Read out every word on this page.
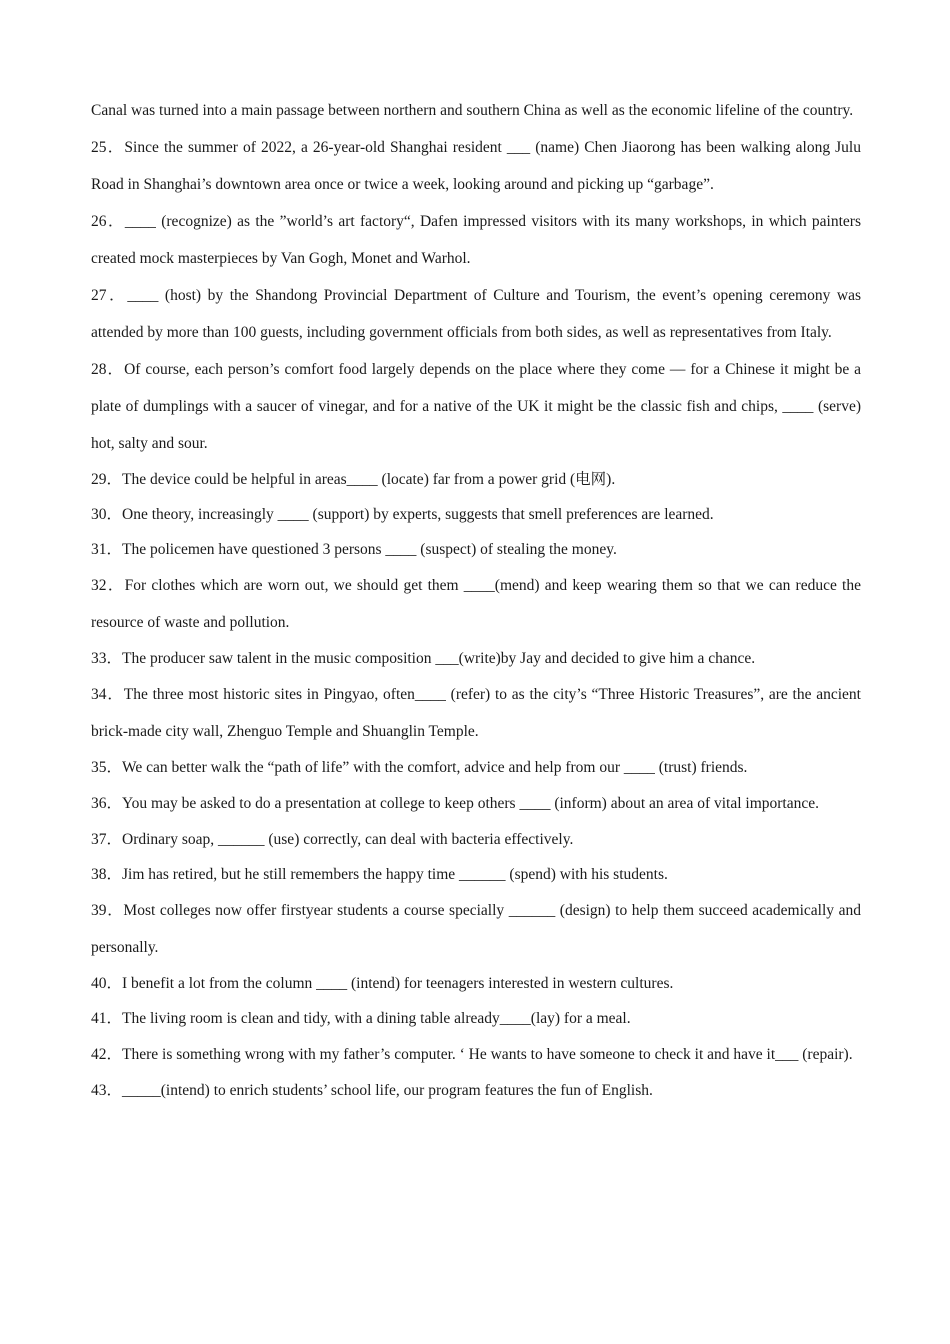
Canal was turned into a main passage between northern and southern China as well as the economic lifeline of the country.

25．Since the summer of 2022, a 26-year-old Shanghai resident ___ (name) Chen Jiaorong has been walking along Julu Road in Shanghai’s downtown area once or twice a week, looking around and picking up “garbage”.

26．____ (recognize) as the ”world’s art factory“, Dafen impressed visitors with its many workshops, in which painters created mock masterpieces by Van Gogh, Monet and Warhol.

27．____ (host) by the Shandong Provincial Department of Culture and Tourism, the event’s opening ceremony was attended by more than 100 guests, including government officials from both sides, as well as representatives from Italy.

28．Of course, each person’s comfort food largely depends on the place where they come — for a Chinese it might be a plate of dumplings with a saucer of vinegar, and for a native of the UK it might be the classic fish and chips, ____ (serve) hot, salty and sour.

29．The device could be helpful in areas____ (locate) far from a power grid (电网).

30．One theory, increasingly ____ (support) by experts, suggests that smell preferences are learned.

31．The policemen have questioned 3 persons ____ (suspect) of stealing the money.

32．For clothes which are worn out, we should get them ____(mend) and keep wearing them so that we can reduce the resource of waste and pollution.

33．The producer saw talent in the music composition ___(write)by Jay and decided to give him a chance.

34．The three most historic sites in Pingyao, often____ (refer) to as the city’s “Three Historic Treasures”, are the ancient brick-made city wall, Zhenguo Temple and Shuanglin Temple.

35．We can better walk the “path of life” with the comfort, advice and help from our ____ (trust) friends.

36．You may be asked to do a presentation at college to keep others ____ (inform) about an area of vital importance.

37．Ordinary soap, ______ (use) correctly, can deal with bacteria effectively.

38．Jim has retired, but he still remembers the happy time ______ (spend) with his students.

39．Most colleges now offer firstyear students a course specially ______ (design) to help them succeed academically and personally.

40．I benefit a lot from the column ____ (intend) for teenagers interested in western cultures.

41．The living room is clean and tidy, with a dining table already____(lay) for a meal.

42．There is something wrong with my father’s computer. ‘ He wants to have someone to check it and have it___ (repair).

43．_____(intend) to enrich students’ school life, our program features the fun of English.
